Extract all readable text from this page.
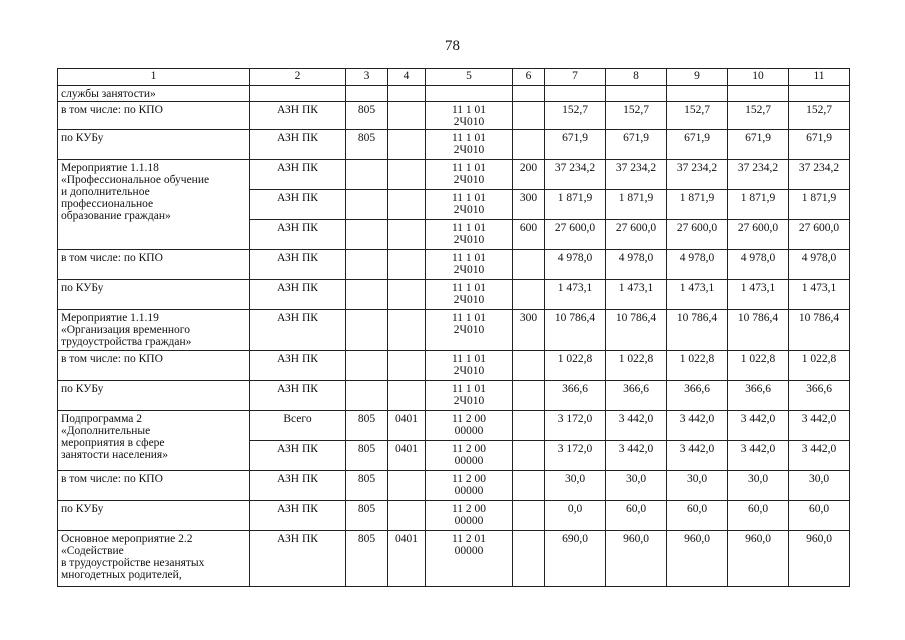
78
1	2	3	4	5	6	7	8	9	10	11

службы занятости»										

в том числе: по КПО	АЗН ПК	805		11 1 01
2Ч010		152,7	152,7	152,7	152,7	152,7

по КУБу	АЗН ПК	805		11 1 01
2Ч010		671,9	671,9	671,9	671,9	671,9

Мероприятие 1.1.18
«Профессиональное обучение
и дополнительное
профессиональное
образование граждан»	АЗН ПК			11 1 01
2Ч010	200	37 234,2	37 234,2	37 234,2	37 234,2	37 234,2
	АЗН ПК			11 1 01
2Ч010	300	1 871,9	1 871,9	1 871,9	1 871,9	1 871,9
	АЗН ПК			11 1 01
2Ч010	600	27 600,0	27 600,0	27 600,0	27 600,0	27 600,0

в том числе: по КПО	АЗН ПК			11 1 01
2Ч010		4 978,0	4 978,0	4 978,0	4 978,0	4 978,0

по КУБу	АЗН ПК			11 1 01
2Ч010		1 473,1	1 473,1	1 473,1	1 473,1	1 473,1

Мероприятие 1.1.19
«Организация временного
трудоустройства граждан»	АЗН ПК			11 1 01
2Ч010	300	10 786,4	10 786,4	10 786,4	10 786,4	10 786,4

в том числе: по КПО	АЗН ПК			11 1 01
2Ч010		1 022,8	1 022,8	1 022,8	1 022,8	1 022,8

по КУБу	АЗН ПК			11 1 01
2Ч010		366,6	366,6	366,6	366,6	366,6

Подпрограмма 2
«Дополнительные
мероприятия в сфере
занятости населения»	Всего	805	0401	11 2 00
00000		3 172,0	3 442,0	3 442,0	3 442,0	3 442,0
	АЗН ПК	805	0401	11 2 00
00000		3 172,0	3 442,0	3 442,0	3 442,0	3 442,0

в том числе: по КПО	АЗН ПК	805		11 2 00
00000		30,0	30,0	30,0	30,0	30,0

по КУБу	АЗН ПК	805		11 2 00
00000		0,0	60,0	60,0	60,0	60,0

Основное мероприятие 2.2
«Содействие
в трудоустройстве незанятых
многодетных родителей,	АЗН ПК	805	0401	11 2 01
00000		690,0	960,0	960,0	960,0	960,0
